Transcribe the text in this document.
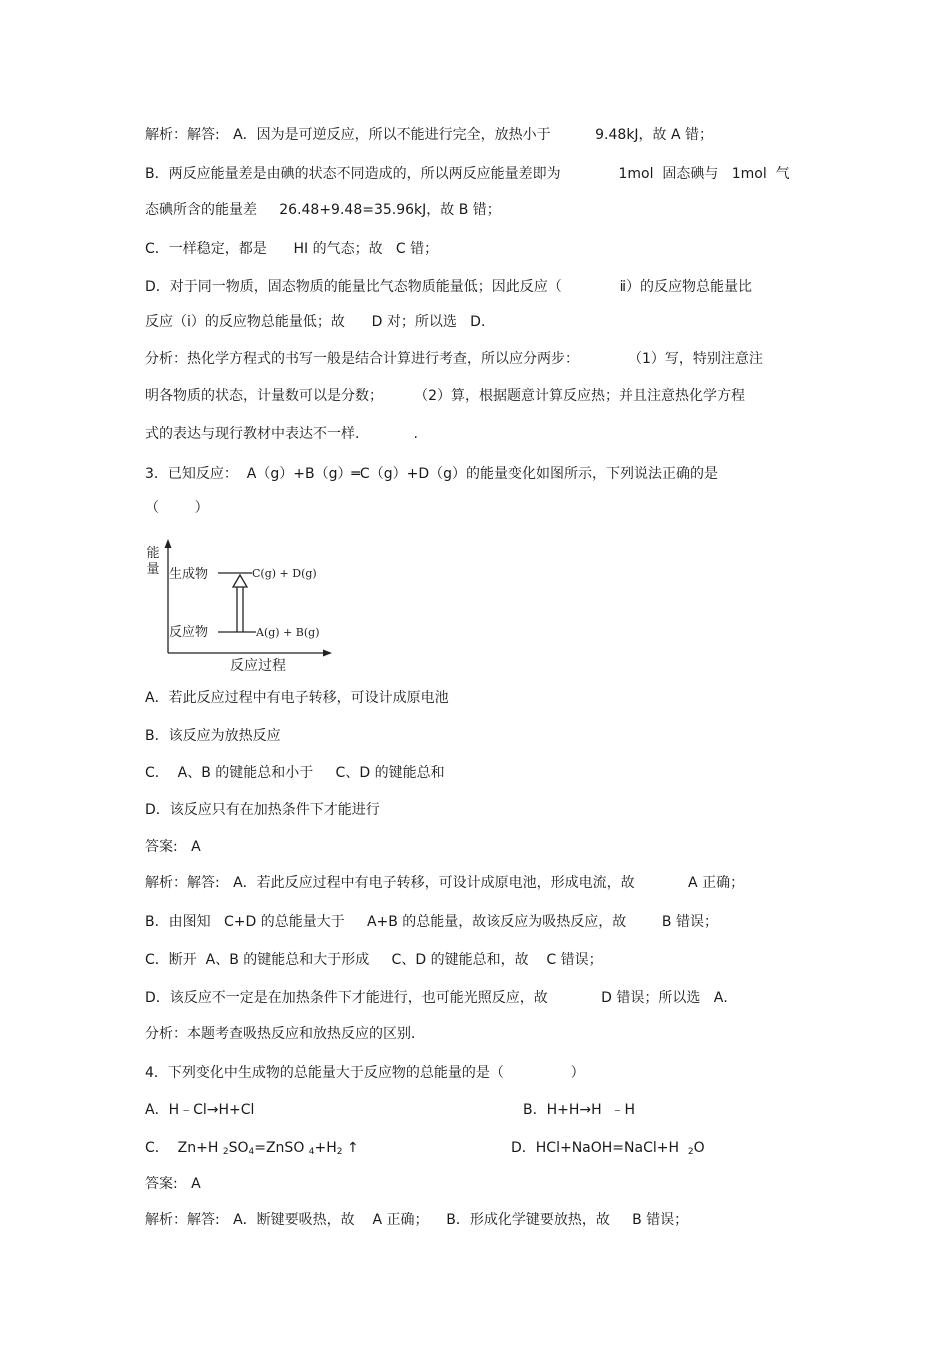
解析：解答:   A．因为是可逆反应，所以不能进行完全，放热小于          9.48kJ，故 A 错；
B．两反应能量差是由碘的状态不同造成的，所以两反应能量差即为             1mol  固态碘与   1mol  气
态碘所含的能量差     26.48+9.48=35.96kJ，故 B 错；
C．一样稳定，都是      HI 的气态；故   C 错；
D．对于同一物质，固态物质的能量比气态物质能量低；因此反应（             ⅱ）的反应物总能量比
反应（ⅰ）的反应物总能量低；故      D 对；所以选   D．
分析：热化学方程式的书写一般是结合计算进行考查，所以应分两步：           （1）写，特别注意注
明各物质的状态，计量数可以是分数；       （2）算，根据题意计算反应热；并且注意热化学方程
式的表达与现行教材中表达不一样．          .
3．已知反应：  A（g）+B（g）═C（g）+D（g）的能量变化如图所示，下列说法正确的是
（        ）
能
量 生成物	C(g) + D(g)
反应物	A(g) + B(g)
反应过程
A．若此反应过程中有电子转移，可设计成原电池
B．该反应为放热反应
C．  A、B 的键能总和小于     C、D 的键能总和
D．该反应只有在加热条件下才能进行
答案:   A
解析：解答:   A．若此反应过程中有电子转移，可设计成原电池，形成电流，故            A 正确；
B．由图知   C+D 的总能量大于     A+B 的总能量，故该反应为吸热反应，故        B 错误；
C．断开  A、B 的键能总和大于形成     C、D 的键能总和，故    C 错误；
D．该反应不一定是在加热条件下才能进行，也可能光照反应，故            D 错误；所以选   A．
分析：本题考查吸热反应和放热反应的区别．
4．下列变化中生成物的总能量大于反应物的总能量的是（               ）
A．H﹣Cl→H+Cl	B．H+H→H  ﹣H
C．  Zn+H $_2SO_4=ZnSO$ $_4+H_2$ ↑	D．HCl+NaOH=NaCl+H  $_2$O
答案:   A
解析：解答:   A．断键要吸热，故    A 正确；    B．形成化学键要放热，故     B 错误；
